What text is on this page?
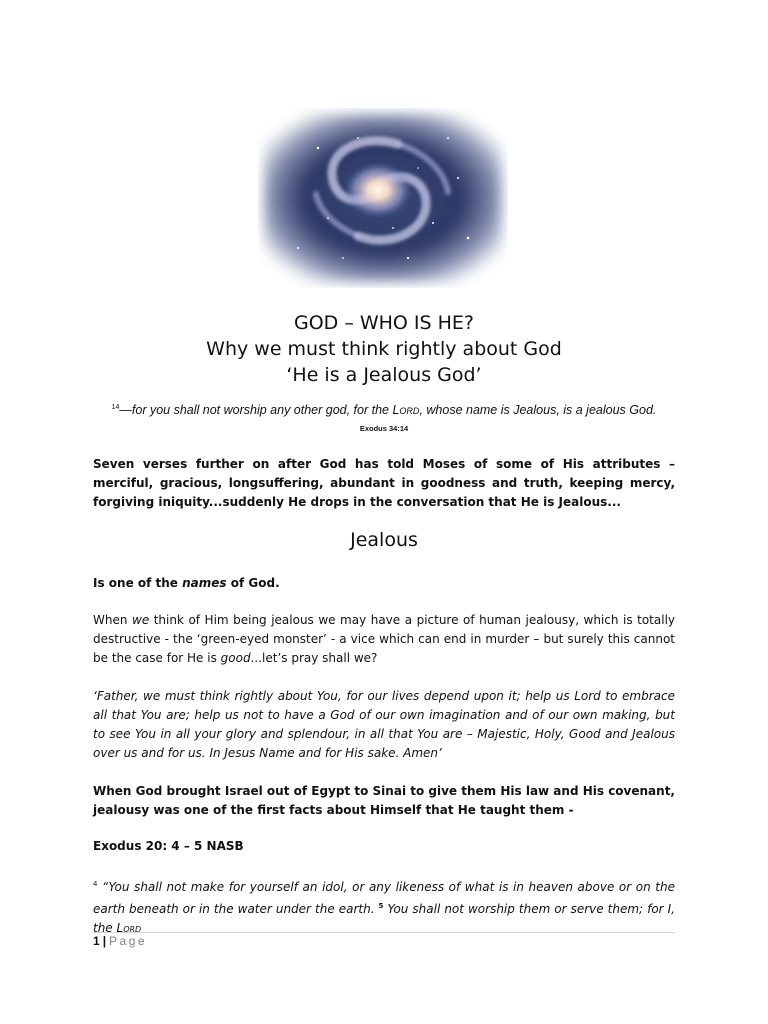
GOD – WHO IS HE?
Why we must think rightly about God
‘He is a Jealous God’
$^{14}$—for you shall not worship any other god, for the Lord, whose name is Jealous, is a jealous God.
Exodus 34:14
Seven verses further on after God has told Moses of some of His attributes – merciful, gracious, longsuffering, abundant in goodness and truth, keeping mercy, forgiving iniquity...suddenly He drops in the conversation that He is Jealous...
Jealous
Is one of the names of God.
When we think of Him being jealous we may have a picture of human jealousy, which is totally destructive - the ‘green-eyed monster’ - a vice which can end in murder – but surely this cannot be the case for He is good...let’s pray shall we?
‘Father, we must think rightly about You, for our lives depend upon it; help us Lord to embrace all that You are; help us not to have a God of our own imagination and of our own making, but to see You in all your glory and splendour, in all that You are – Majestic, Holy, Good and Jealous over us and for us. In Jesus Name and for His sake. Amen’
When God brought Israel out of Egypt to Sinai to give them His law and His covenant, jealousy was one of the first facts about Himself that He taught them -
Exodus 20: 4 – 5 NASB
$^4$ “You shall not make for yourself an idol, or any likeness of what is in heaven above or on the earth beneath or in the water under the earth. $^5$ You shall not worship them or serve them; for I, the Lord
1 | Page
